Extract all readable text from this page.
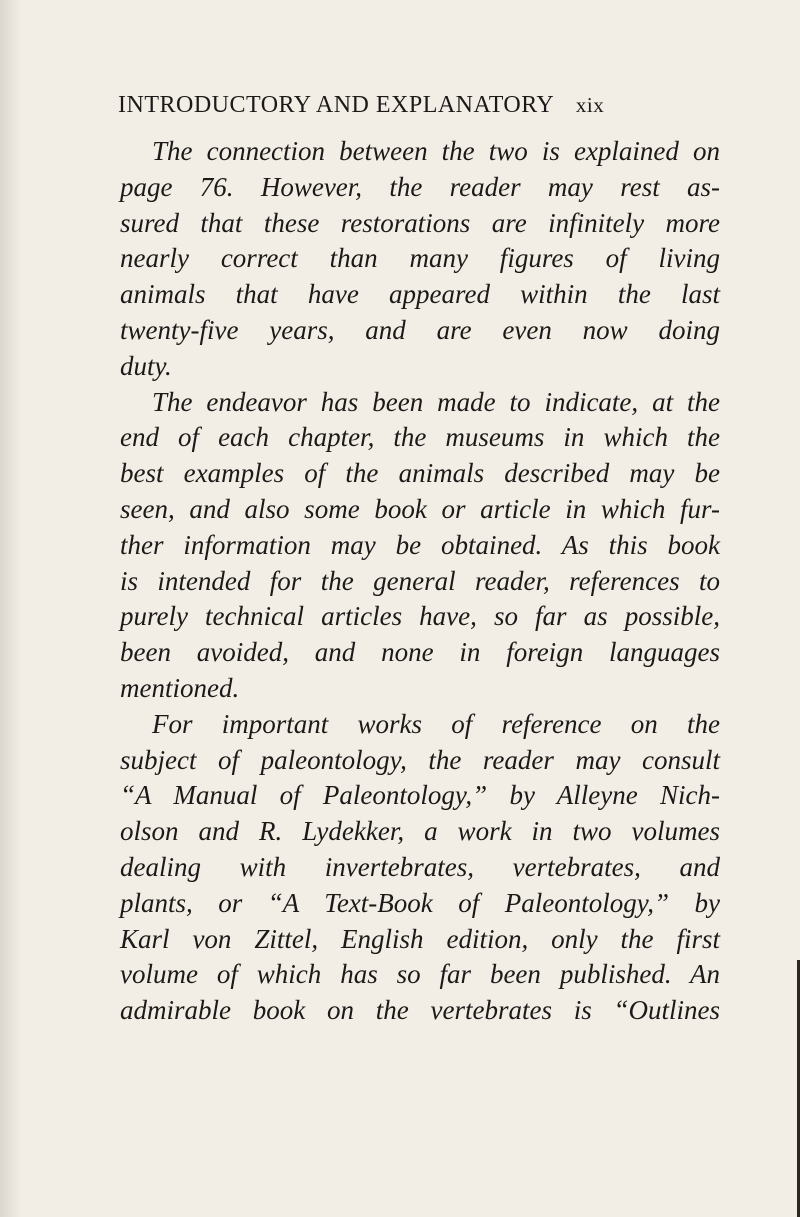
INTRODUCTORY AND EXPLANATORY xix
The connection between the two is explained on
page 76. However, the reader may rest as-
sured that these restorations are infinitely more
nearly correct than many figures of living
animals that have appeared within the last
twenty-five years, and are even now doing
duty.
The endeavor has been made to indicate, at the
end of each chapter, the museums in which the
best examples of the animals described may be
seen, and also some book or article in which fur-
ther information may be obtained. As this book
is intended for the general reader, references to
purely technical articles have, so far as possible,
been avoided, and none in foreign languages
mentioned.
For important works of reference on the
subject of paleontology, the reader may consult
“A Manual of Paleontology,” by Alleyne Nich-
olson and R. Lydekker, a work in two volumes
dealing with invertebrates, vertebrates, and
plants, or “A Text-Book of Paleontology,” by
Karl von Zittel, English edition, only the first
volume of which has so far been published. An
admirable book on the vertebrates is “Outlines
